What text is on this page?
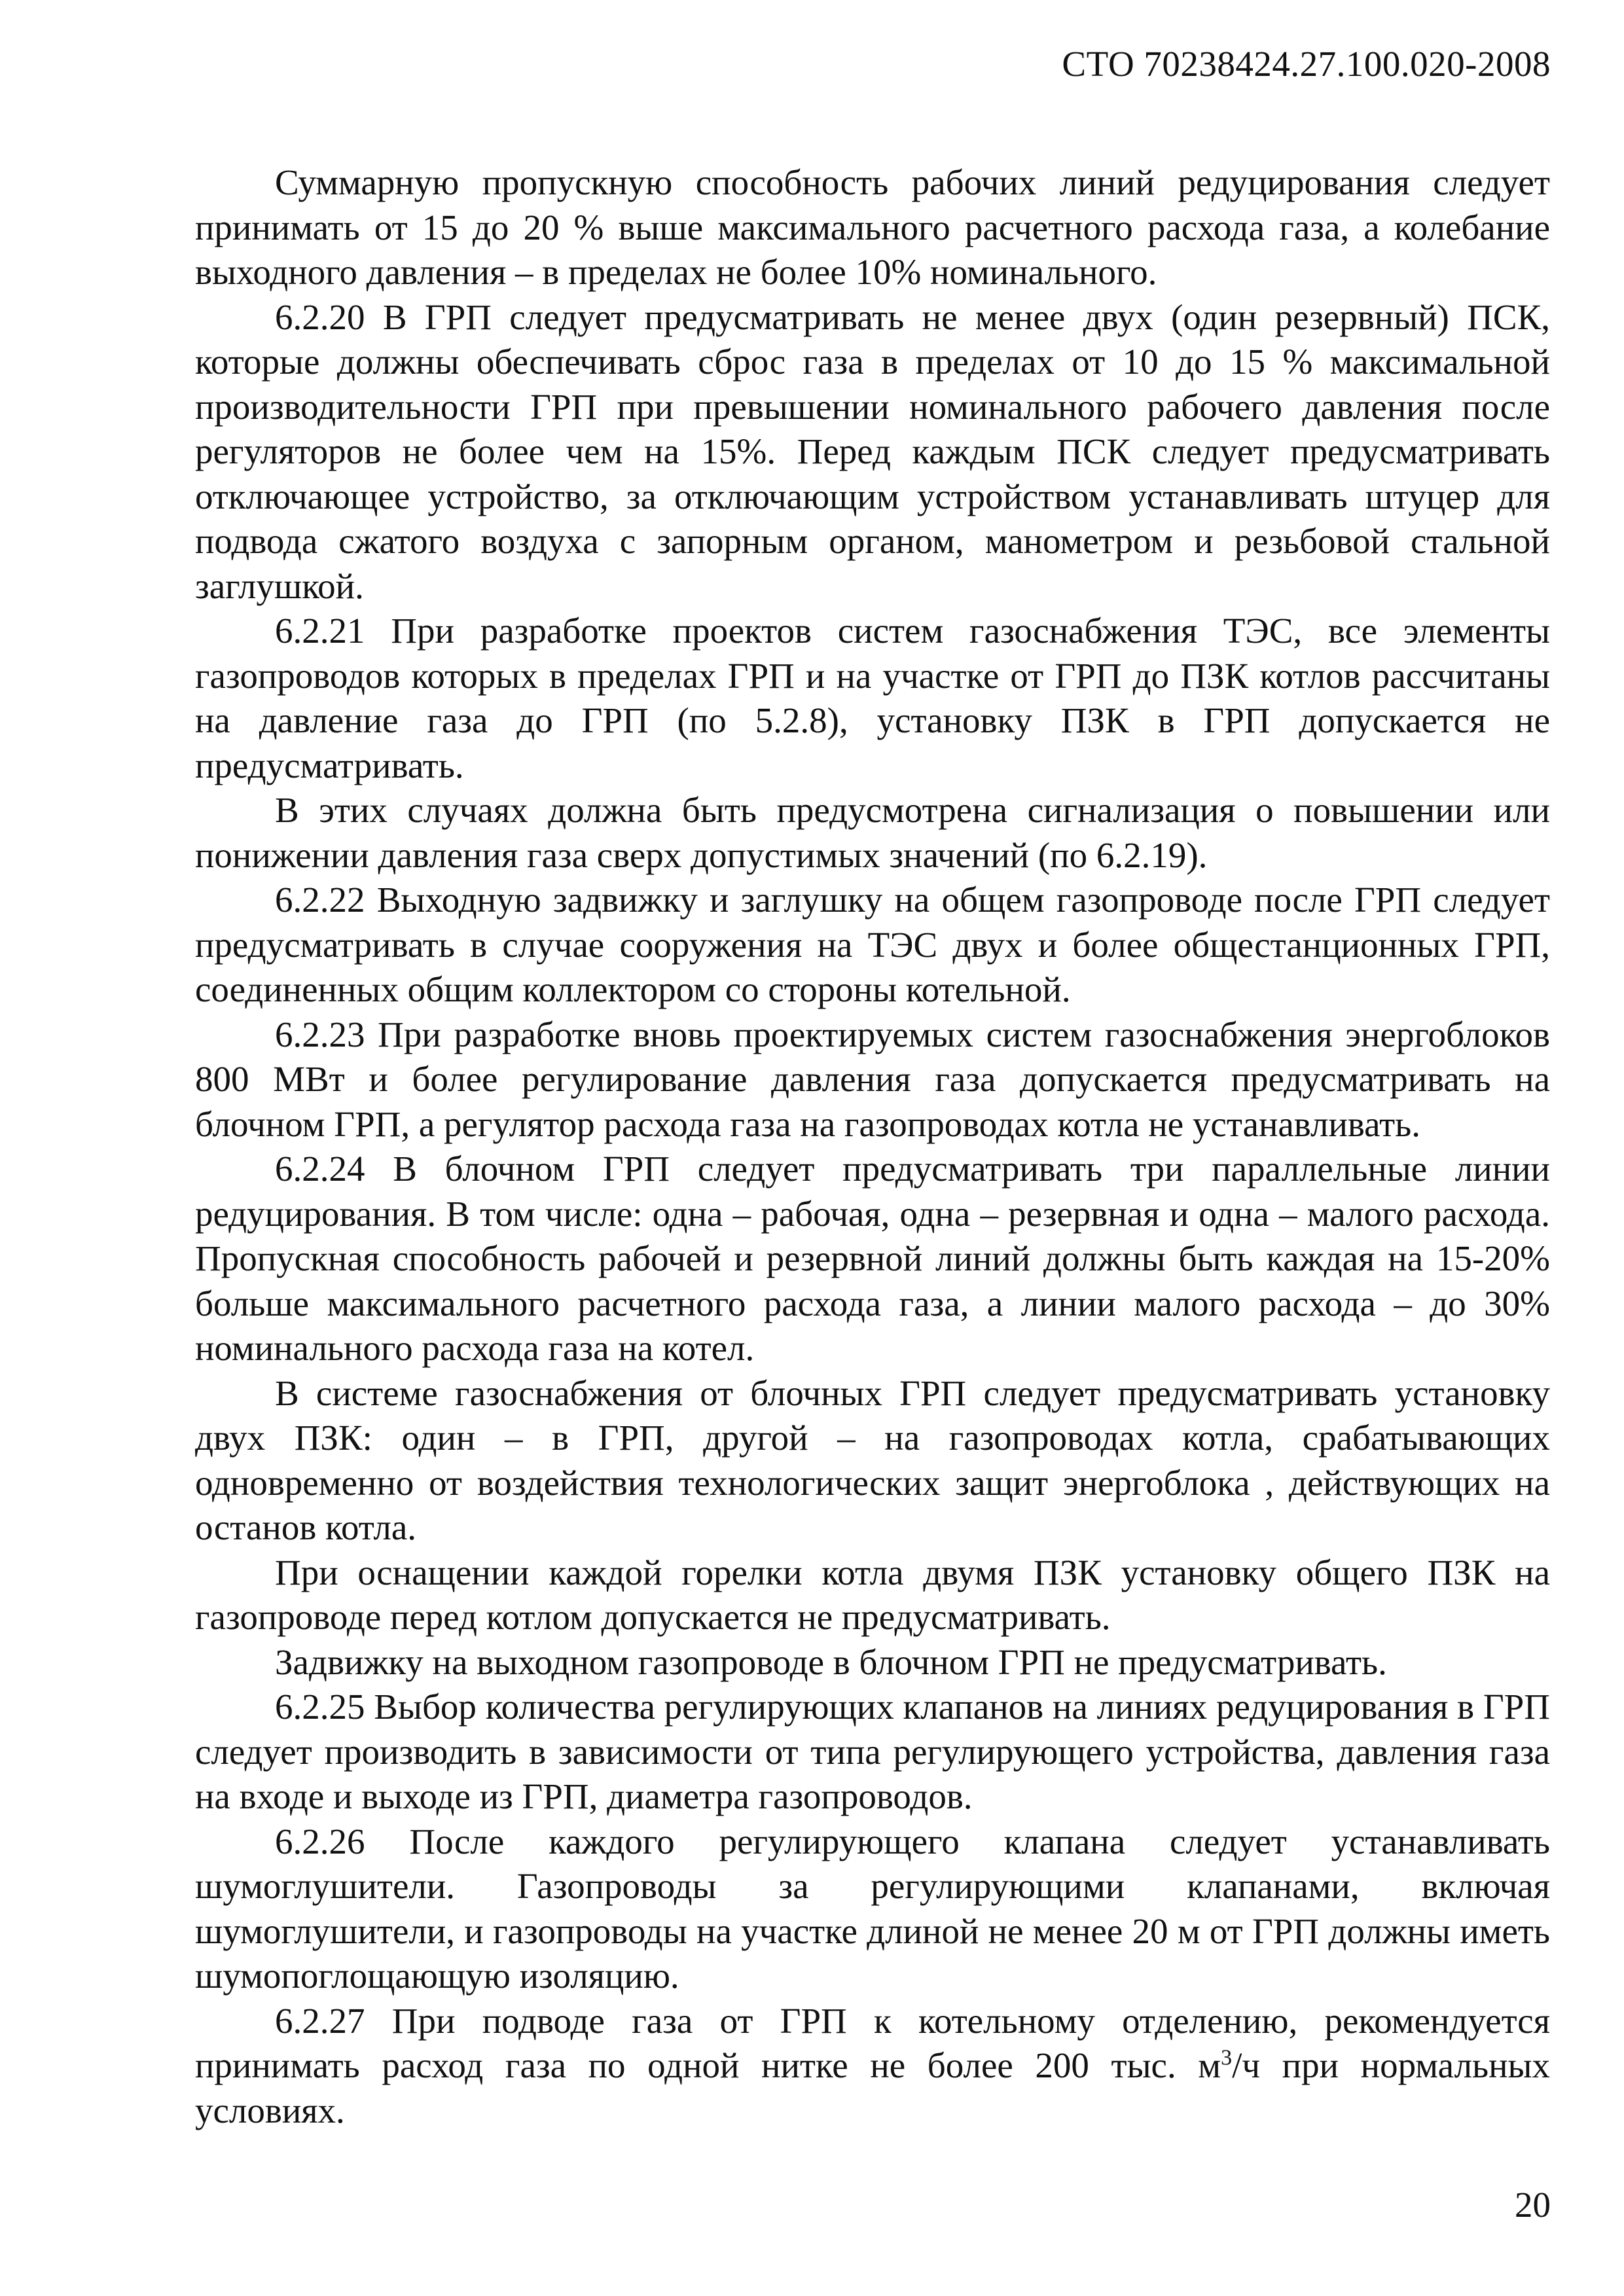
СТО 70238424.27.100.020-2008

Суммарную пропускную способность рабочих линий редуцирования следует принимать от 15 до 20 % выше максимального расчетного расхода газа, а колебание выходного давления – в пределах не более 10% номинального.

6.2.20 В ГРП следует предусматривать не менее двух (один резервный) ПСК, которые должны обеспечивать сброс газа в пределах от 10 до 15 % максимальной производительности ГРП при превышении номинального рабочего давления после регуляторов не более чем на 15%. Перед каждым ПСК следует предусматривать отключающее устройство, за отключающим устройством устанавливать штуцер для подвода сжатого воздуха с запорным органом, манометром и резьбовой стальной заглушкой.

6.2.21 При разработке проектов систем газоснабжения ТЭС, все элементы газопроводов которых в пределах ГРП и на участке от ГРП до ПЗК котлов рассчитаны на давление газа до ГРП (по 5.2.8), установку ПЗК в ГРП допускается не предусматривать.

В этих случаях должна быть предусмотрена сигнализация о повышении или понижении давления газа сверх допустимых значений (по 6.2.19).

6.2.22 Выходную задвижку и заглушку на общем газопроводе после ГРП следует предусматривать в случае сооружения на ТЭС двух и более общестанционных ГРП, соединенных общим коллектором со стороны котельной.

6.2.23 При разработке вновь проектируемых систем газоснабжения энергоблоков 800 МВт и более регулирование давления газа допускается предусматривать на блочном ГРП, а регулятор расхода газа на газопроводах котла не устанавливать.

6.2.24 В блочном ГРП следует предусматривать три параллельные линии редуцирования. В том числе: одна – рабочая, одна – резервная и одна – малого расхода. Пропускная способность рабочей и резервной линий должны быть каждая на 15-20% больше максимального расчетного расхода газа, а линии малого расхода – до 30% номинального расхода газа на котел.

В системе газоснабжения от блочных ГРП следует предусматривать установку двух ПЗК: один – в ГРП, другой – на газопроводах котла, срабатывающих одновременно от воздействия технологических защит энергоблока , действующих на останов котла.

При оснащении каждой горелки котла двумя ПЗК установку общего ПЗК на газопроводе перед котлом допускается не предусматривать.

Задвижку на выходном газопроводе в блочном ГРП не предусматривать.

6.2.25 Выбор количества регулирующих клапанов на линиях редуцирования в ГРП следует производить в зависимости от типа регулирующего устройства, давления газа на входе и выходе из ГРП, диаметра газопроводов.

6.2.26 После каждого регулирующего клапана следует устанавливать шумоглушители. Газопроводы за регулирующими клапанами, включая шумоглушители, и газопроводы на участке длиной не менее 20 м от ГРП должны иметь шумопоглощающую изоляцию.

6.2.27 При подводе газа от ГРП к котельному отделению, рекомендуется принимать расход газа по одной нитке не более 200 тыс. $м^3/ч$ при нормальных условиях.

20
